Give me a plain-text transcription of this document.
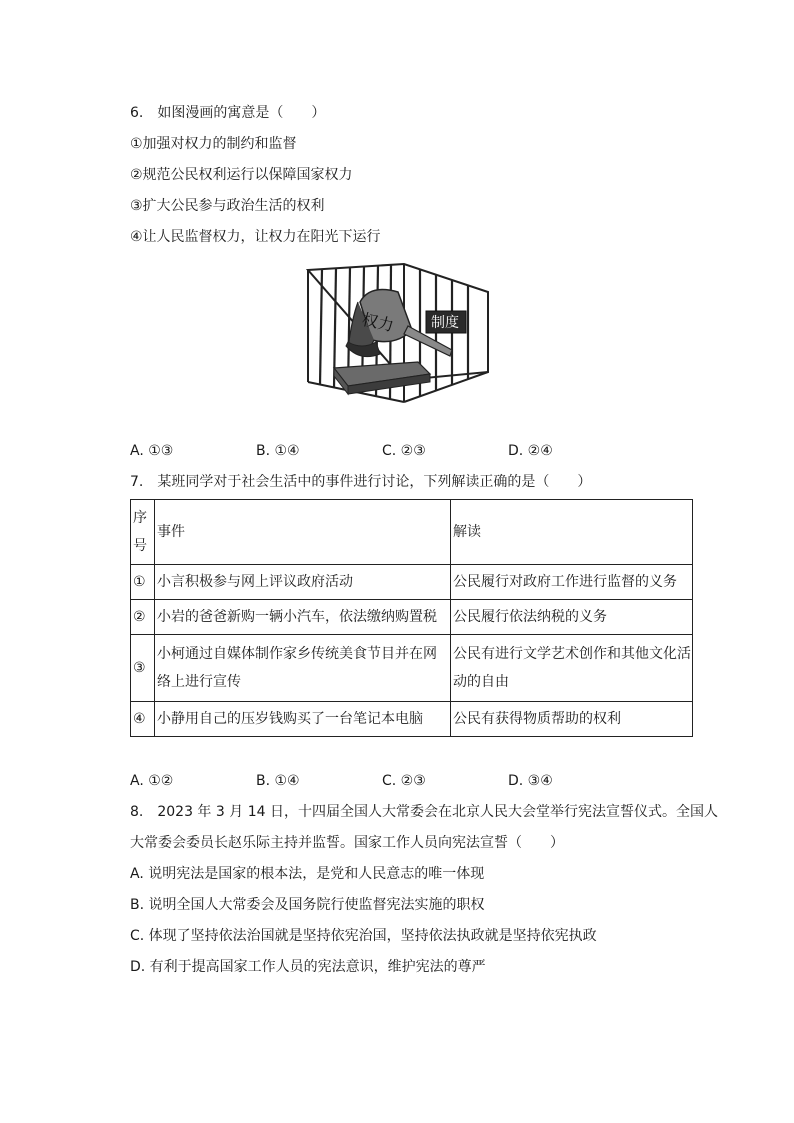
6.　如图漫画的寓意是（　　）
①加强对权力的制约和监督
②规范公民权利运行以保障国家权力
③扩大公民参与政治生活的权利
④让人民监督权力，让权力在阳光下运行
权力	制度
A. ①③	B. ①④	C. ②③	D. ②④
7.　某班同学对于社会生活中的事件进行讨论，下列解读正确的是（　　）
序号	事件	解读
①	小言积极参与网上评议政府活动	公民履行对政府工作进行监督的义务
②	小岩的爸爸新购一辆小汽车，依法缴纳购置税	公民履行依法纳税的义务
③	小柯通过自媒体制作家乡传统美食节目并在网络上进行宣传	公民有进行文学艺术创作和其他文化活动的自由
④	小静用自己的压岁钱购买了一台笔记本电脑	公民有获得物质帮助的权利
A. ①②	B. ①④	C. ②③	D. ③④
8.　2023 年 3 月 14 日，十四届全国人大常委会在北京人民大会堂举行宪法宣誓仪式。全国人
大常委会委员长赵乐际主持并监誓。国家工作人员向宪法宣誓（　　）
A. 说明宪法是国家的根本法，是党和人民意志的唯一体现
B. 说明全国人大常委会及国务院行使监督宪法实施的职权
C. 体现了坚持依法治国就是坚持依宪治国，坚持依法执政就是坚持依宪执政
D. 有利于提高国家工作人员的宪法意识，维护宪法的尊严
